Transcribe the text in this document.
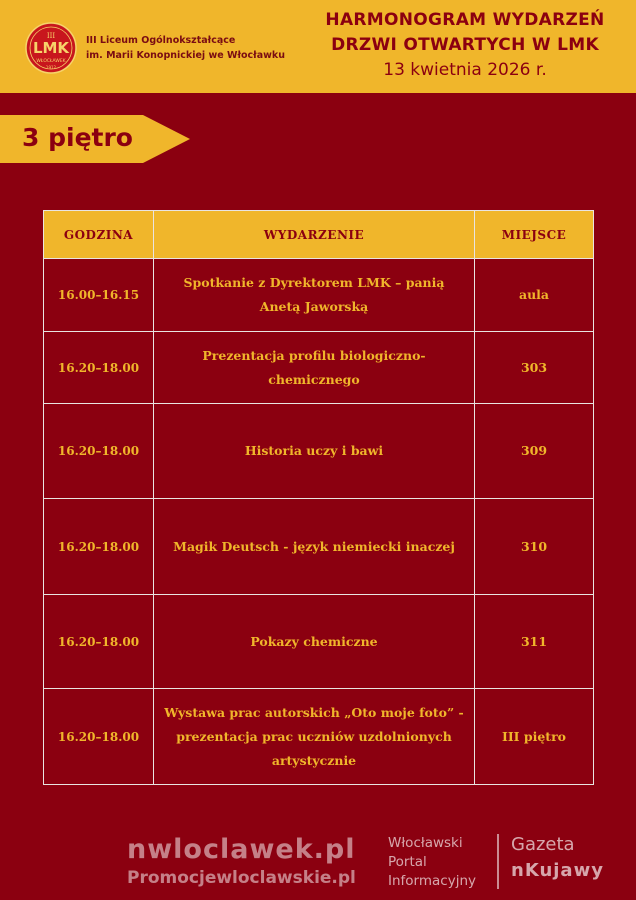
III
LMK
WŁOCŁAWEK
1912
III Liceum Ogólnokształcące
im. Marii Konopnickiej we Włocławku
HARMONOGRAM WYDARZEŃ
DRZWI OTWARTYCH W LMK
13 kwietnia 2026 r.
3 piętro
GODZINA	WYDARZENIE	MIEJSCE
16.00–16.15	Spotkanie z Dyrektorem LMK – panią Anetą Jaworską	aula
16.20–18.00	Prezentacja profilu biologiczno-chemicznego	303
16.20–18.00	Historia uczy i bawi	309
16.20–18.00	Magik Deutsch - język niemiecki inaczej	310
16.20–18.00	Pokazy chemiczne	311
16.20–18.00	Wystawa prac autorskich „Oto moje foto” - prezentacja prac uczniów uzdolnionych artystycznie	III piętro
nwloclawek.pl
Promocjewloclawskie.pl
Włocławski
Portal
Informacyjny
Gazeta
nKujawy
